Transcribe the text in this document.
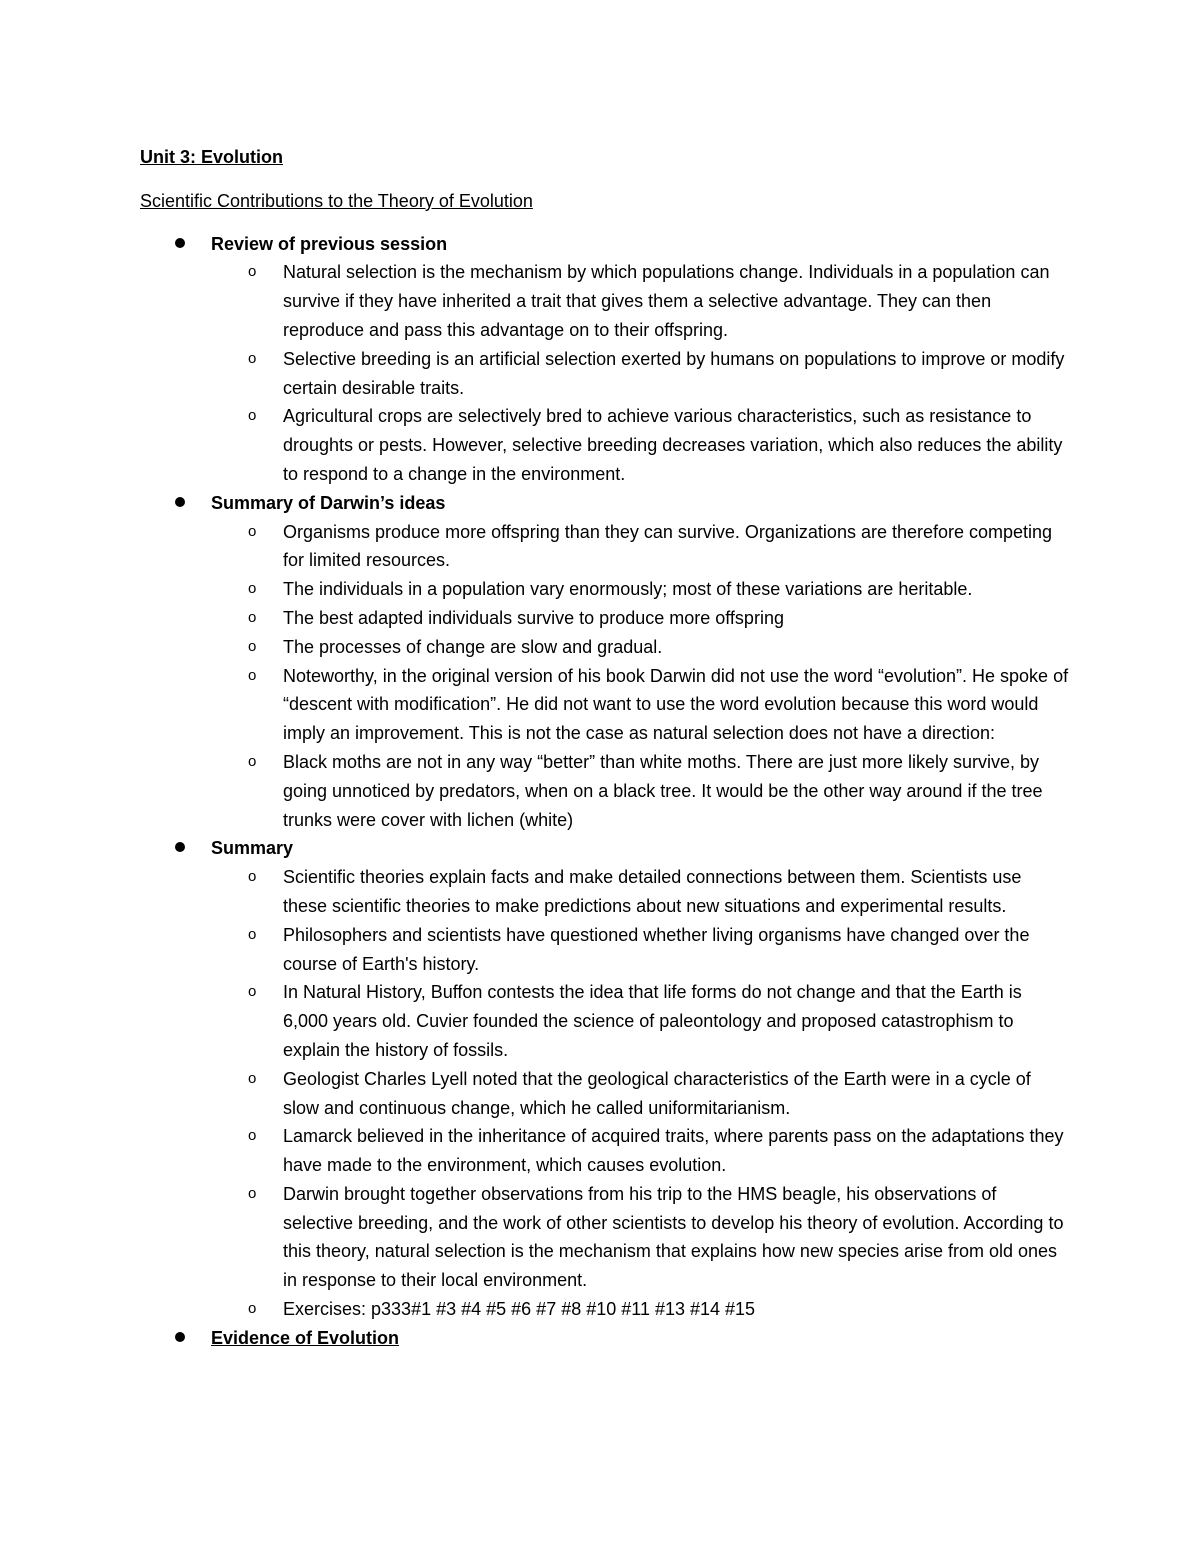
Unit 3: Evolution
Scientific Contributions to the Theory of Evolution
Review of previous session
o Natural selection is the mechanism by which populations change. Individuals in a population can survive if they have inherited a trait that gives them a selective advantage. They can then reproduce and pass this advantage on to their offspring.
o Selective breeding is an artificial selection exerted by humans on populations to improve or modify certain desirable traits.
o Agricultural crops are selectively bred to achieve various characteristics, such as resistance to droughts or pests. However, selective breeding decreases variation, which also reduces the ability to respond to a change in the environment.
Summary of Darwin’s ideas
o Organisms produce more offspring than they can survive. Organizations are therefore competing for limited resources.
o The individuals in a population vary enormously; most of these variations are heritable.
o The best adapted individuals survive to produce more offspring
o The processes of change are slow and gradual.
o Noteworthy, in the original version of his book Darwin did not use the word “evolution”. He spoke of “descent with modification”. He did not want to use the word evolution because this word would imply an improvement. This is not the case as natural selection does not have a direction:
o Black moths are not in any way “better” than white moths. There are just more likely survive, by going unnoticed by predators, when on a black tree. It would be the other way around if the tree trunks were cover with lichen (white)
Summary
o Scientific theories explain facts and make detailed connections between them. Scientists use these scientific theories to make predictions about new situations and experimental results.
o Philosophers and scientists have questioned whether living organisms have changed over the course of Earth's history.
o In Natural History, Buffon contests the idea that life forms do not change and that the Earth is 6,000 years old. Cuvier founded the science of paleontology and proposed catastrophism to explain the history of fossils.
o Geologist Charles Lyell noted that the geological characteristics of the Earth were in a cycle of slow and continuous change, which he called uniformitarianism.
o Lamarck believed in the inheritance of acquired traits, where parents pass on the adaptations they have made to the environment, which causes evolution.
o Darwin brought together observations from his trip to the HMS beagle, his observations of selective breeding, and the work of other scientists to develop his theory of evolution. According to this theory, natural selection is the mechanism that explains how new species arise from old ones in response to their local environment.
o Exercises: p333#1 #3 #4 #5 #6 #7 #8 #10 #11 #13 #14 #15
Evidence of Evolution
